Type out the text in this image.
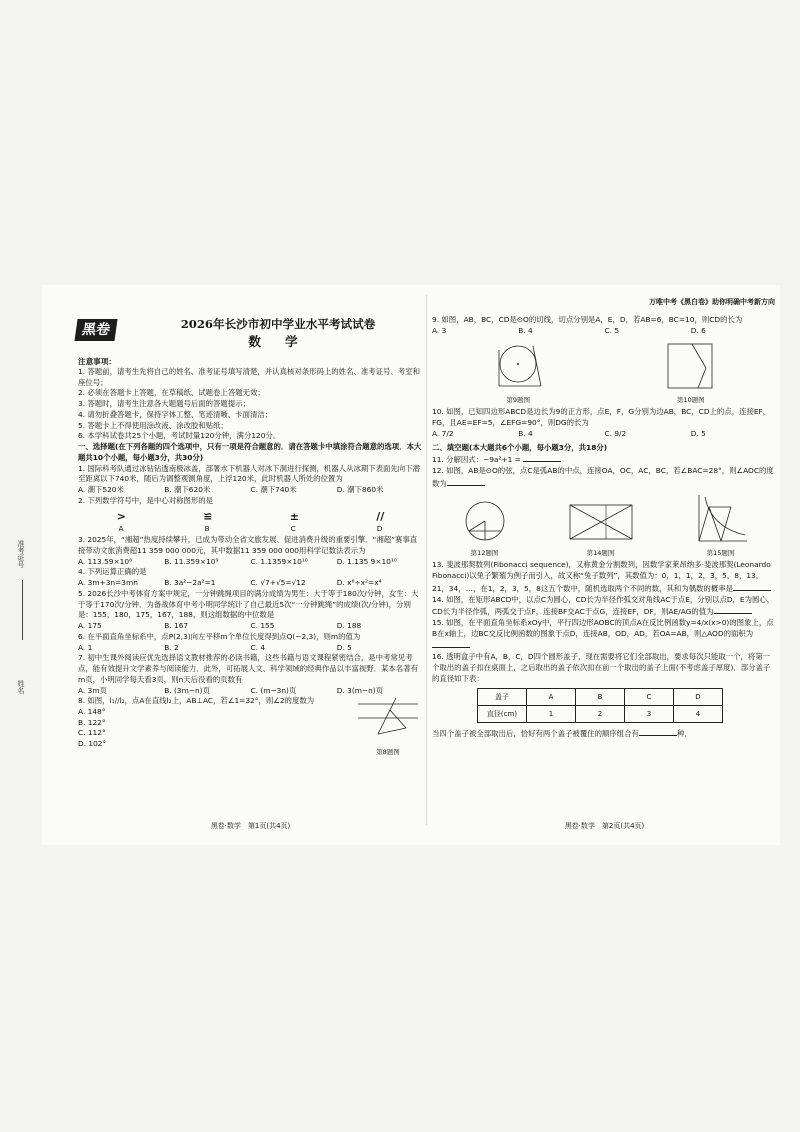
准考证号
姓名
黑卷	2026年长沙市初中学业水平考试试卷
数 学

注意事项：

1. 答题前，请考生先将自己的姓名、准考证号填写清楚，并认真核对条形码上的姓名、准考证号、考室和座位号；

2. 必须在答题卡上答题，在草稿纸、试题卷上答题无效；

3. 答题时，请考生注意各大题题号后面的答题提示；

4. 请勿折叠答题卡，保持字体工整、笔迹清晰、卡面清洁；

5. 答题卡上不得使用涂改液、涂改胶和贴纸；

6. 本学科试卷共25个小题，考试时量120分钟，满分120分。

一、选择题(在下列各题的四个选项中，只有一项是符合题意的．请在答题卡中填涂符合题意的选项．本大题共10个小题，每小题3分，共30分)

1. 国际科考队通过冰钻钻透南极冰盖，部署水下机器人对冰下洞进行探测，机器人从冰期下表面先向下潜至距离以下740米，随后为调整观测角度，上浮120米，此时机器人所处的位置为

A. 潮下520米	B. 潮下620米	C. 潮下740米	D. 潮下860米

2. 下列数学符号中，是中心对称图形的是

>	≌	±	//
A	B	C	D

3. 2025年，“湘超”热度持续攀升，已成为带动全省文旅发展、促进消费升级的重要引擎．“湘超”赛事直接带动文旅消费超11 359 000 000元，其中数据11 359 000 000用科学记数法表示为

A. 113.59×10⁸	B. 11.359×10⁹	C. 1.1359×10¹⁰	D. 1.135 9×10¹⁰

4. 下列运算正确的是

A. 3m+3n=3mn	B. 3a²−2a²=1	C. √7+√5=√12	D. x⁶÷x²=x⁴

5. 2026长沙中考体育方案中规定，一分钟跳绳项目的满分成绩为男生：大于等于180次/分钟，女生：大于等于170次/分钟．为备战体育中考小明同学统计了自己最近5次“一分钟跳绳”的成绩(次/分钟)，分别是：155，180，175，167，188，则这组数据的中位数是

A. 175	B. 167	C. 155	D. 188

6. 在平面直角坐标系中，点P(2,3)向左平移m个单位长度得到点Q(−2,3)，则m的值为

A. 1	B. 2	C. 4	D. 5

7. 初中生课外阅读应优先选择语文教材推荐的必读书籍，这些书籍与语文课程紧密结合，是中考常见考点，能有效提升文学素养与阅读能力．此外，可拓展人文、科学领域的经典作品以丰富视野．某本名著有m页，小明同学每天看3页，则n天后没看的页数有

A. 3m页	B. (3m−n)页	C. (m−3n)页	D. 3(m−n)页

8. 如图，l₁//l₂，点A在直线l₂上，AB⊥AC，若∠1=32°，则∠2的度数为

A. 148°

B. 122°

C. 112°

D. 102°

第8题图
黑卷·数学　第1页(共4页)
万唯中考《黑白卷》助你明确中考新方向

9. 如图，AB，BC，CD是⊙O的切线，切点分别是A，E，D，若AB=6，BC=10，则CD的长为

A. 3	B. 4	C. 5	D. 6
第9题图	第10题图

10. 如图，已知四边形ABCD是边长为9的正方形，点E，F，G分别为边AB，BC，CD上的点，连接EF，FG，且AE=EF=5，∠EFG=90°，则DG的长为

A. 7/2	B. 4	C. 9/2	D. 5

二、填空题(本大题共6个小题，每小题3分，共18分)

11. 分解因式：−9a²+1 =

12. 如图，AB是⊙O的弦，点C是弧AB的中点，连接OA，OC，AC，BC，若∠BAC=28°，则∠AOC的度数为

第12题图	第14题图	第15题图

13. 斐波那契数列(Fibonacci sequence)，又称黄金分割数列，因数学家莱昂纳多·斐波那契(Leonardo Fibonacci)以兔子繁殖为例子而引入，故又称“兔子数列”，其数值为：0，1，1，2，3，5，8，13，21，34，…，在1，2，3，5，8这五个数中，随机选取两个不同的数，其和为偶数的概率是

14. 如图，在矩形ABCD中，以点C为圆心，CD长为半径作弧交对角线AC于点E，分别以点D，E为圆心，CD长为半径作弧，两弧交于点F，连接BF交AC于点G，连接EF，DF，则AE/AG的值为

15. 如图，在平面直角坐标系xOy中，平行四边形AOBC的顶点A在反比例函数y=4/x(x>0)的图象上，点B在x轴上，边BC交反比例函数的图象于点D，连接AB，OD，AD，若OA=AB，则△AOD的面积为

16. 透明盒子中有A，B，C，D四个圆形盖子，现在需要将它们全部取出，要求每次只能取一个，将第一个取出的盖子扣在桌面上，之后取出的盖子依次扣在前一个取出的盖子上面(不考虑盖子厚度)．部分盖子的直径如下表：

盖子	A	B	C	D
直径(cm)	1	2	3	4

当四个盖子被全部取出后，恰好有两个盖子被覆住的顺序组合有	种．

黑卷·数学　第2页(共4页)
